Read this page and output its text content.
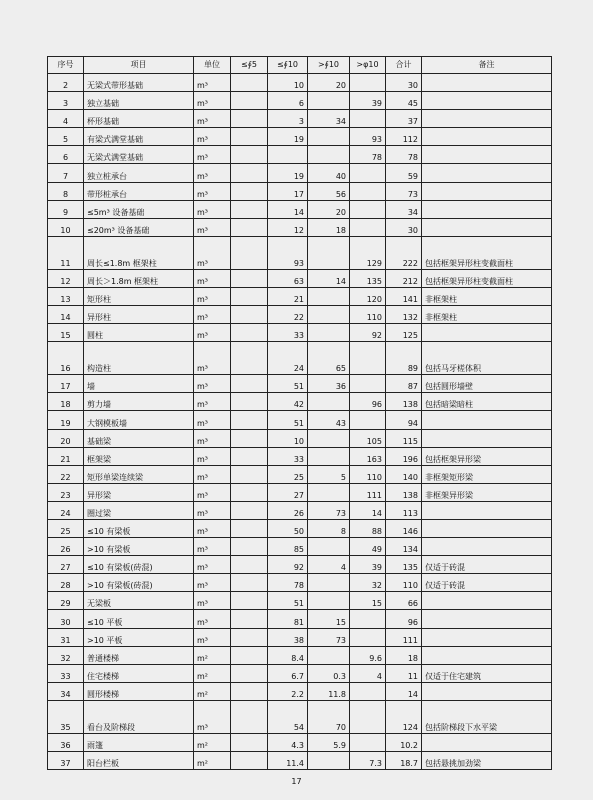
序号	项目	单位	≤∮5	≤∮10	>∮10	>φ10	合计	备注
2	无梁式带形基础	m³		10	20		30	
3	独立基础	m³		6		39	45	
4	杯形基础	m³		3	34		37	
5	有梁式满堂基础	m³		19		93	112	
6	无梁式满堂基础	m³				78	78	
7	独立桩承台	m³		19	40		59	
8	带形桩承台	m³		17	56		73	
9	≤5m³ 设备基础	m³		14	20		34	
10	≤20m³ 设备基础	m³		12	18		30	
11	周长≤1.8m 框架柱	m³		93		129	222	包括框架异形柱变截面柱
12	周长＞1.8m 框架柱	m³		63	14	135	212	包括框架异形柱变截面柱
13	矩形柱	m³		21		120	141	非框架柱
14	异形柱	m³		22		110	132	非框架柱
15	圆柱	m³		33		92	125	
16	构造柱	m³		24	65		89	包括马牙槎体积
17	墙	m³		51	36		87	包括圆形墙壁
18	剪力墙	m³		42		96	138	包括暗梁暗柱
19	大钢模板墙	m³		51	43		94	
20	基础梁	m³		10		105	115	
21	框架梁	m³		33		163	196	包括框架异形梁
22	矩形单梁连续梁	m³		25	5	110	140	非框架矩形梁
23	异形梁	m³		27		111	138	非框架异形梁
24	圈过梁	m³		26	73	14	113	
25	≤10 有梁板	m³		50	8	88	146	
26	>10 有梁板	m³		85		49	134	
27	≤10 有梁板(砖混)	m³		92	4	39	135	仅适于砖混
28	>10 有梁板(砖混)	m³		78		32	110	仅适于砖混
29	无梁板	m³		51		15	66	
30	≤10 平板	m³		81	15		96	
31	>10 平板	m³		38	73		111	
32	普通楼梯	m²		8.4		9.6	18	
33	住宅楼梯	m²		6.7	0.3	4	11	仅适于住宅建筑
34	圆形楼梯	m²		2.2	11.8		14	
35	看台及阶梯段	m³		54	70		124	包括阶梯段下水平梁
36	雨篷	m²		4.3	5.9		10.2	
37	阳台栏板	m²		11.4		7.3	18.7	包括悬挑加劲梁
17
